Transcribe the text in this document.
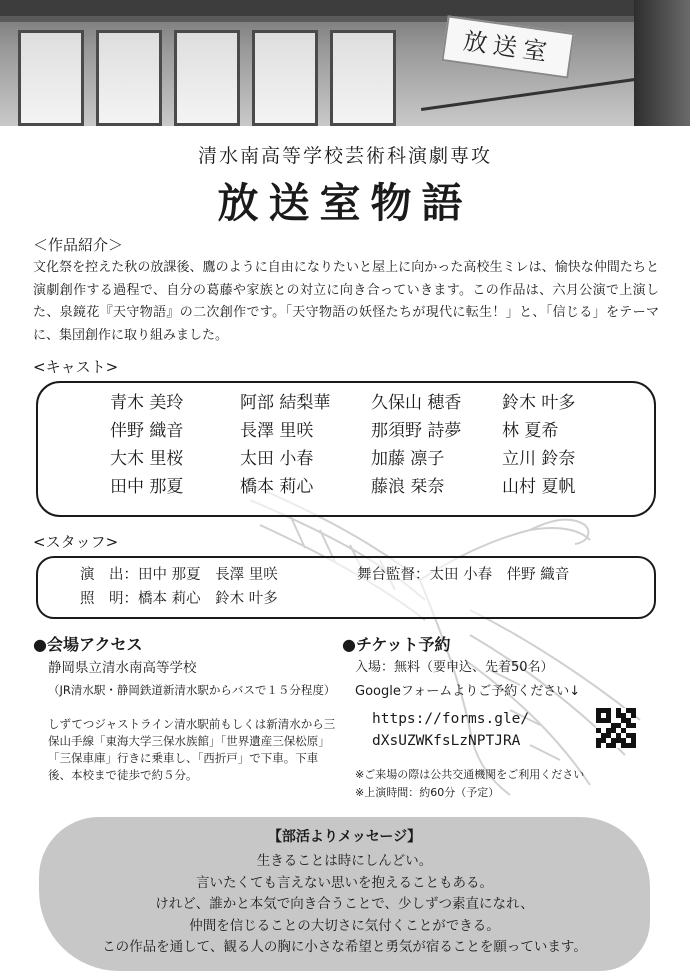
放送室
清水南高等学校芸術科演劇専攻
放送室物語
＜作品紹介＞
文化祭を控えた秋の放課後、鷹のように自由になりたいと屋上に向かった高校生ミレは、愉快な仲間たちと演劇創作する過程で、自分の葛藤や家族との対立に向き合っていきます。この作品は、六月公演で上演した、泉鏡花『天守物語』の二次創作です。「天守物語の妖怪たちが現代に転生！」と、「信じる」をテーマに、集団創作に取り組みました。
<キャスト>
青木 美玲
伴野 織音
大木 里桜
田中 那夏
阿部 結梨華
長澤 里咲
太田 小春
橋本 莉心
久保山 穂香
那須野 詩夢
加藤 凛子
藤浪 栞奈
鈴木 叶多
林 夏希
立川 鈴奈
山村 夏帆
<スタッフ>
演　出：田中 那夏　長澤 里咲	舞台監督：太田 小春　伴野 織音
照　明：橋本 莉心　鈴木 叶多
●会場アクセス
静岡県立清水南高等学校
（JR清水駅・静岡鉄道新清水駅からバスで１５分程度）
しずてつジャストライン清水駅前もしくは新清水から三保山手線「東海大学三保水族館」「世界遺産三保松原」「三保車庫」行きに乗車し、「西折戸」で下車。下車後、本校まで徒歩で約５分。
●チケット予約
入場：無料（要申込、先着50名）
Googleフォームよりご予約ください↓
https://forms.gle/
dXsUZWKfsLzNPTJRA
※ご来場の際は公共交通機関をご利用ください
※上演時間：約60分（予定）
【部活よりメッセージ】
生きることは時にしんどい。
言いたくても言えない思いを抱えることもある。
けれど、誰かと本気で向き合うことで、少しずつ素直になれ、
仲間を信じることの大切さに気付くことができる。
この作品を通して、観る人の胸に小さな希望と勇気が宿ることを願っています。
